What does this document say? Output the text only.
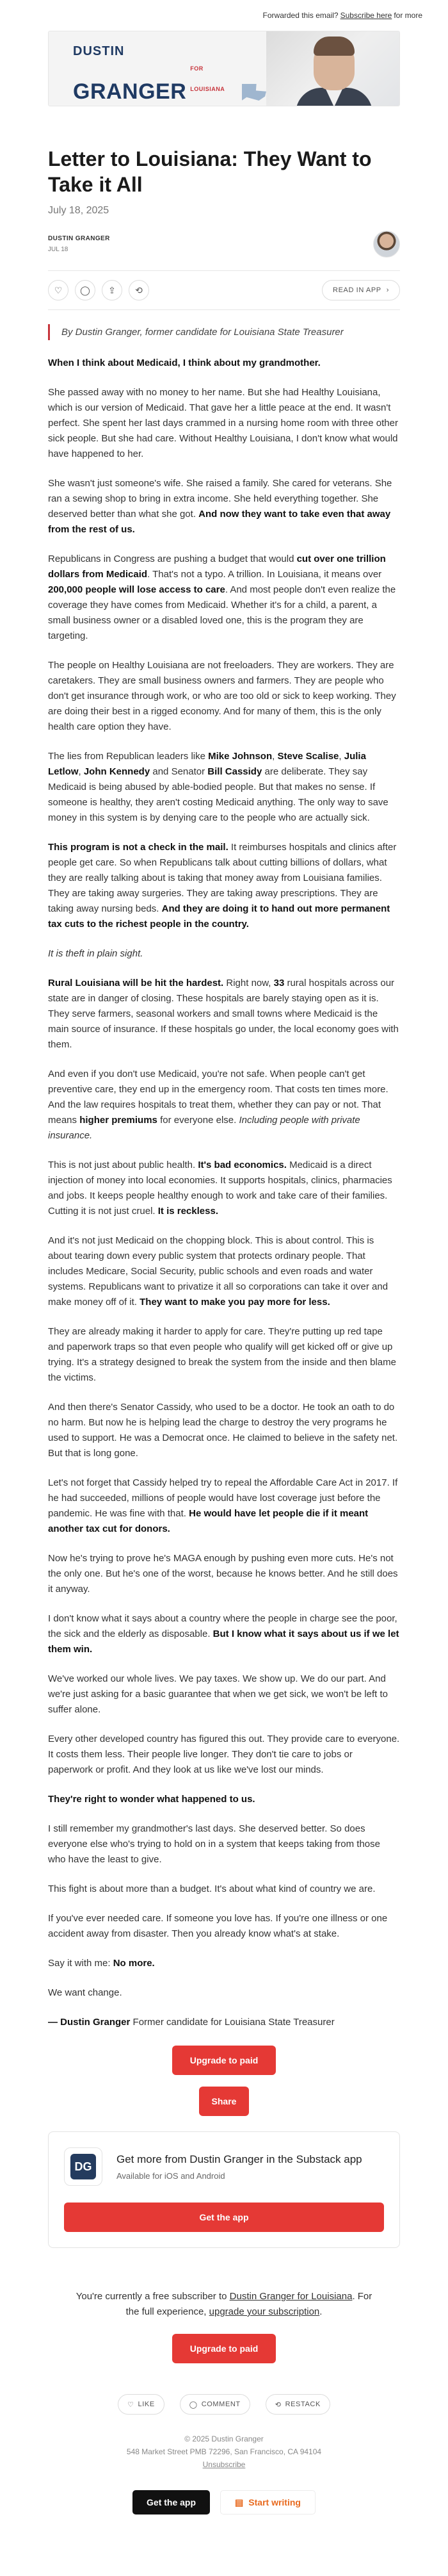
Forwarded this email? Subscribe here for more
DUSTIN
GRANGER
FOR LOUISIANA
Letter to Louisiana: They Want to Take it All
July 18, 2025
DUSTIN GRANGER
JUL 18
♡ ◯ ⇪ ⟲	READ IN APP ›
By Dustin Granger, former candidate for Louisiana State Treasurer

When I think about Medicaid, I think about my grandmother.

She passed away with no money to her name. But she had Healthy Louisiana, which is our version of Medicaid. That gave her a little peace at the end. It wasn't perfect. She spent her last days crammed in a nursing home room with three other sick people. But she had care. Without Healthy Louisiana, I don't know what would have happened to her.

She wasn't just someone's wife. She raised a family. She cared for veterans. She ran a sewing shop to bring in extra income. She held everything together. She deserved better than what she got. And now they want to take even that away from the rest of us.

Republicans in Congress are pushing a budget that would cut over one trillion dollars from Medicaid. That's not a typo. A trillion. In Louisiana, it means over 200,000 people will lose access to care. And most people don't even realize the coverage they have comes from Medicaid. Whether it's for a child, a parent, a small business owner or a disabled loved one, this is the program they are targeting.

The people on Healthy Louisiana are not freeloaders. They are workers. They are caretakers. They are small business owners and farmers. They are people who don't get insurance through work, or who are too old or sick to keep working. They are doing their best in a rigged economy. And for many of them, this is the only health care option they have.

The lies from Republican leaders like Mike Johnson, Steve Scalise, Julia Letlow, John Kennedy and Senator Bill Cassidy are deliberate. They say Medicaid is being abused by able-bodied people. But that makes no sense. If someone is healthy, they aren't costing Medicaid anything. The only way to save money in this system is by denying care to the people who are actually sick.

This program is not a check in the mail. It reimburses hospitals and clinics after people get care. So when Republicans talk about cutting billions of dollars, what they are really talking about is taking that money away from Louisiana families. They are taking away surgeries. They are taking away prescriptions. They are taking away nursing beds. And they are doing it to hand out more permanent tax cuts to the richest people in the country.

It is theft in plain sight.

Rural Louisiana will be hit the hardest. Right now, 33 rural hospitals across our state are in danger of closing. These hospitals are barely staying open as it is. They serve farmers, seasonal workers and small towns where Medicaid is the main source of insurance. If these hospitals go under, the local economy goes with them.

And even if you don't use Medicaid, you're not safe. When people can't get preventive care, they end up in the emergency room. That costs ten times more. And the law requires hospitals to treat them, whether they can pay or not. That means higher premiums for everyone else. Including people with private insurance.

This is not just about public health. It's bad economics. Medicaid is a direct injection of money into local economies. It supports hospitals, clinics, pharmacies and jobs. It keeps people healthy enough to work and take care of their families. Cutting it is not just cruel. It is reckless.

And it's not just Medicaid on the chopping block. This is about control. This is about tearing down every public system that protects ordinary people. That includes Medicare, Social Security, public schools and even roads and water systems. Republicans want to privatize it all so corporations can take it over and make money off of it. They want to make you pay more for less.

They are already making it harder to apply for care. They're putting up red tape and paperwork traps so that even people who qualify will get kicked off or give up trying. It's a strategy designed to break the system from the inside and then blame the victims.

And then there's Senator Cassidy, who used to be a doctor. He took an oath to do no harm. But now he is helping lead the charge to destroy the very programs he used to support. He was a Democrat once. He claimed to believe in the safety net. But that is long gone.

Let's not forget that Cassidy helped try to repeal the Affordable Care Act in 2017. If he had succeeded, millions of people would have lost coverage just before the pandemic. He was fine with that. He would have let people die if it meant another tax cut for donors.

Now he's trying to prove he's MAGA enough by pushing even more cuts. He's not the only one. But he's one of the worst, because he knows better. And he still does it anyway.

I don't know what it says about a country where the people in charge see the poor, the sick and the elderly as disposable. But I know what it says about us if we let them win.

We've worked our whole lives. We pay taxes. We show up. We do our part. And we're just asking for a basic guarantee that when we get sick, we won't be left to suffer alone.

Every other developed country has figured this out. They provide care to everyone. It costs them less. Their people live longer. They don't tie care to jobs or paperwork or profit. And they look at us like we've lost our minds.

They're right to wonder what happened to us.

I still remember my grandmother's last days. She deserved better. So does everyone else who's trying to hold on in a system that keeps taking from those who have the least to give.

This fight is about more than a budget. It's about what kind of country we are.

If you've ever needed care. If someone you love has. If you're one illness or one accident away from disaster. Then you already know what's at stake.

Say it with me: No more.

We want change.

— Dustin Granger Former candidate for Louisiana State Treasurer

Upgrade to paid
Share
DG
Get more from Dustin Granger in the Substack app
Available for iOS and Android
Get the app
You're currently a free subscriber to Dustin Granger for Louisiana. For the full experience, upgrade your subscription.
Upgrade to paid
♡ LIKE	◯ COMMENT	⟲ RESTACK
© 2025 Dustin Granger
548 Market Street PMB 72296, San Francisco, CA 94104
Unsubscribe
Get the app	▤ Start writing
